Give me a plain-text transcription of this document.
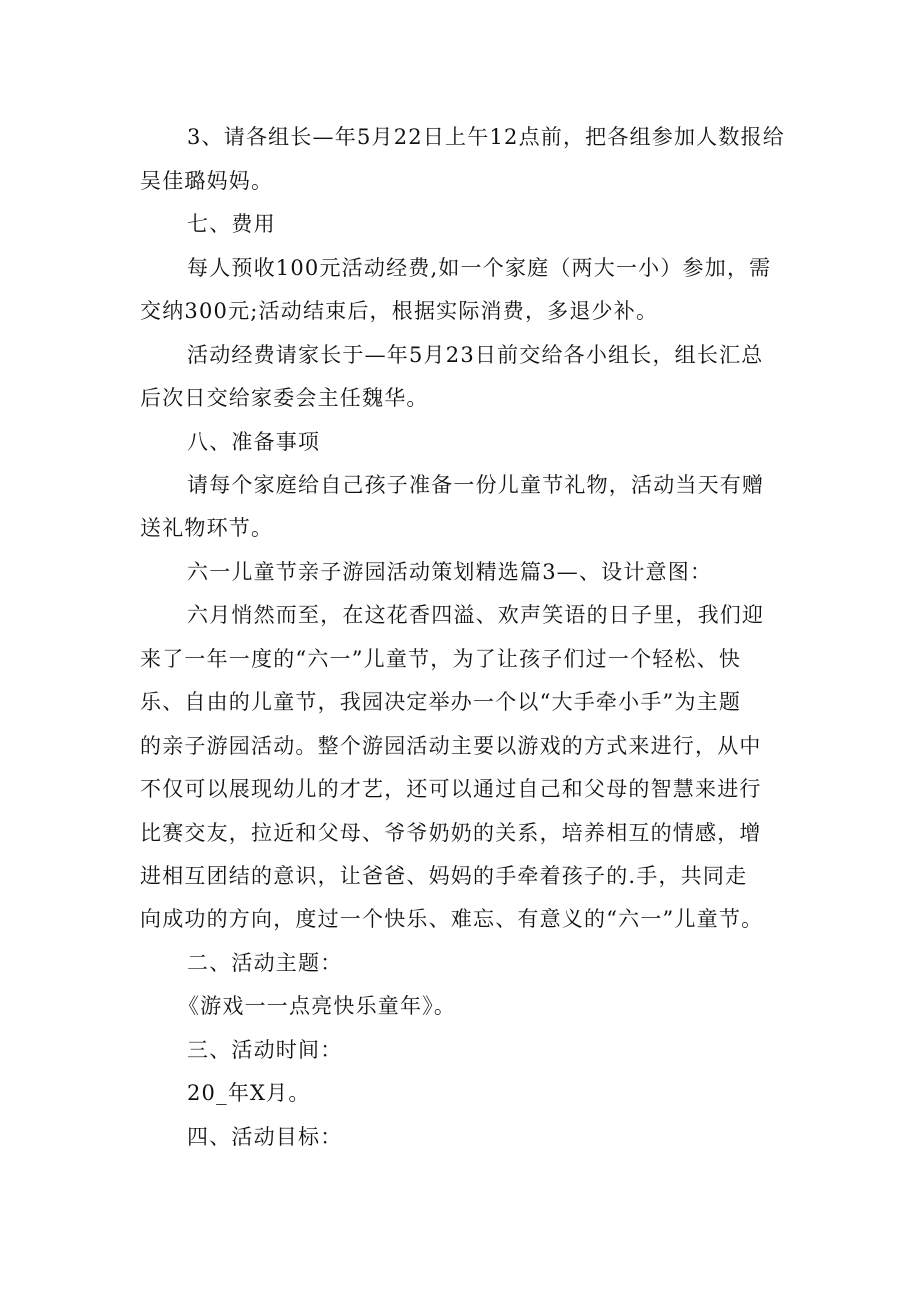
3、请各组长—年5月22日上午12点前，把各组参加人数报给
吴佳璐妈妈。
七、费用
每人预收100元活动经费,如一个家庭（两大一小）参加，需
交纳300元;活动结束后，根据实际消费，多退少补。
活动经费请家长于—年5月23日前交给各小组长，组长汇总
后次日交给家委会主任魏华。
八、准备事项
请每个家庭给自己孩子准备一份儿童节礼物，活动当天有赠
送礼物环节。
六一儿童节亲子游园活动策划精选篇3—、设计意图：
六月悄然而至，在这花香四溢、欢声笑语的日子里，我们迎
来了一年一度的“六一”儿童节，为了让孩子们过一个轻松、快
乐、自由的儿童节，我园决定举办一个以“大手牵小手”为主题
的亲子游园活动。整个游园活动主要以游戏的方式来进行，从中
不仅可以展现幼儿的才艺，还可以通过自己和父母的智慧来进行
比赛交友，拉近和父母、爷爷奶奶的关系，培养相互的情感，增
进相互团结的意识，让爸爸、妈妈的手牵着孩子的.手，共同走
向成功的方向，度过一个快乐、难忘、有意义的“六一”儿童节。
二、活动主题：
《游戏一一点亮快乐童年》。
三、活动时间：
20_年X月。
四、活动目标：
